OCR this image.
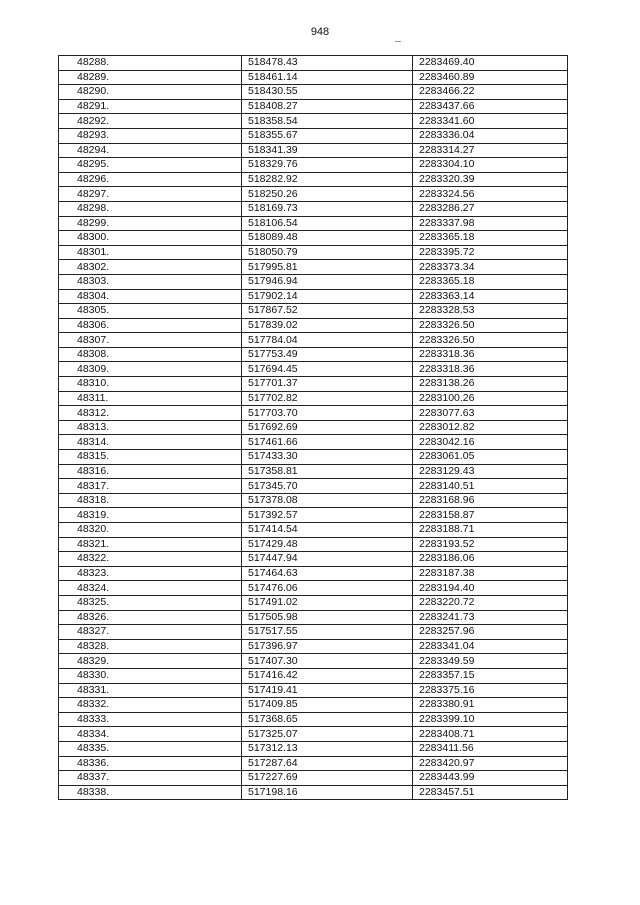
948
48288.	518478.43	2283469.40
48289.	518461.14	2283460.89
48290.	518430.55	2283466.22
48291.	518408.27	2283437.66
48292.	518358.54	2283341.60
48293.	518355.67	2283336.04
48294.	518341.39	2283314.27
48295.	518329.76	2283304.10
48296.	518282.92	2283320.39
48297.	518250.26	2283324.56
48298.	518169.73	2283286.27
48299.	518106.54	2283337.98
48300.	518089.48	2283365.18
48301.	518050.79	2283395.72
48302.	517995.81	2283373.34
48303.	517946.94	2283365.18
48304.	517902.14	2283363.14
48305.	517867.52	2283328.53
48306.	517839.02	2283326.50
48307.	517784.04	2283326.50
48308.	517753.49	2283318.36
48309.	517694.45	2283318.36
48310.	517701.37	2283138.26
48311.	517702.82	2283100.26
48312.	517703.70	2283077.63
48313.	517692.69	2283012.82
48314.	517461.66	2283042.16
48315.	517433.30	2283061.05
48316.	517358.81	2283129.43
48317.	517345.70	2283140.51
48318.	517378.08	2283168.96
48319.	517392.57	2283158.87
48320.	517414.54	2283188.71
48321.	517429.48	2283193.52
48322.	517447.94	2283186.06
48323.	517464.63	2283187.38
48324.	517476.06	2283194.40
48325.	517491.02	2283220.72
48326.	517505.98	2283241.73
48327.	517517.55	2283257.96
48328.	517396.97	2283341.04
48329.	517407.30	2283349.59
48330.	517416.42	2283357.15
48331.	517419.41	2283375.16
48332.	517409.85	2283380.91
48333.	517368.65	2283399.10
48334.	517325.07	2283408.71
48335.	517312.13	2283411.56
48336.	517287.64	2283420.97
48337.	517227.69	2283443.99
48338.	517198.16	2283457.51
